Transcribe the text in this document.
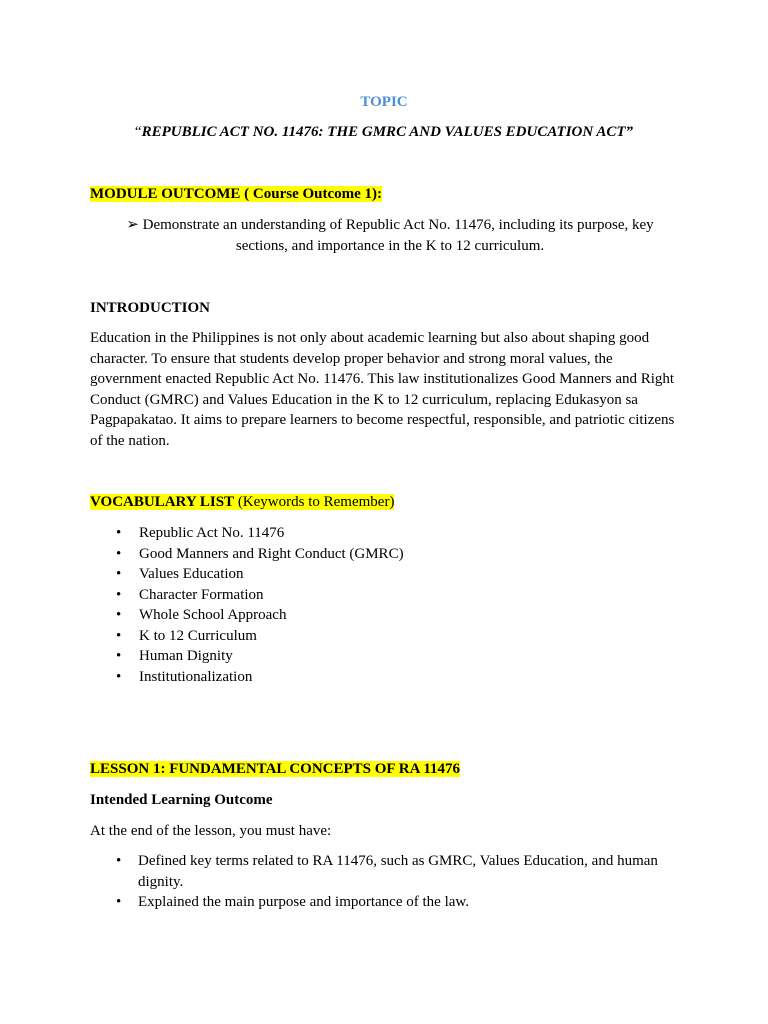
TOPIC

“REPUBLIC ACT NO. 11476: THE GMRC AND VALUES EDUCATION ACT”

MODULE OUTCOME ( Course Outcome 1):

➢ Demonstrate an understanding of Republic Act No. 11476, including its purpose, key
sections, and importance in the K to 12 curriculum.

INTRODUCTION

Education in the Philippines is not only about academic learning but also about shaping good character. To ensure that students develop proper behavior and strong moral values, the government enacted Republic Act No. 11476. This law institutionalizes Good Manners and Right Conduct (GMRC) and Values Education in the K to 12 curriculum, replacing Edukasyon sa Pagpapakatao. It aims to prepare learners to become respectful, responsible, and patriotic citizens of the nation.

VOCABULARY LIST (Keywords to Remember)

• Republic Act No. 11476
• Good Manners and Right Conduct (GMRC)
• Values Education
• Character Formation
• Whole School Approach
• K to 12 Curriculum
• Human Dignity
• Institutionalization

LESSON 1: FUNDAMENTAL CONCEPTS OF RA 11476

Intended Learning Outcome

At the end of the lesson, you must have:

• Defined key terms related to RA 11476, such as GMRC, Values Education, and human dignity.
• Explained the main purpose and importance of the law.
